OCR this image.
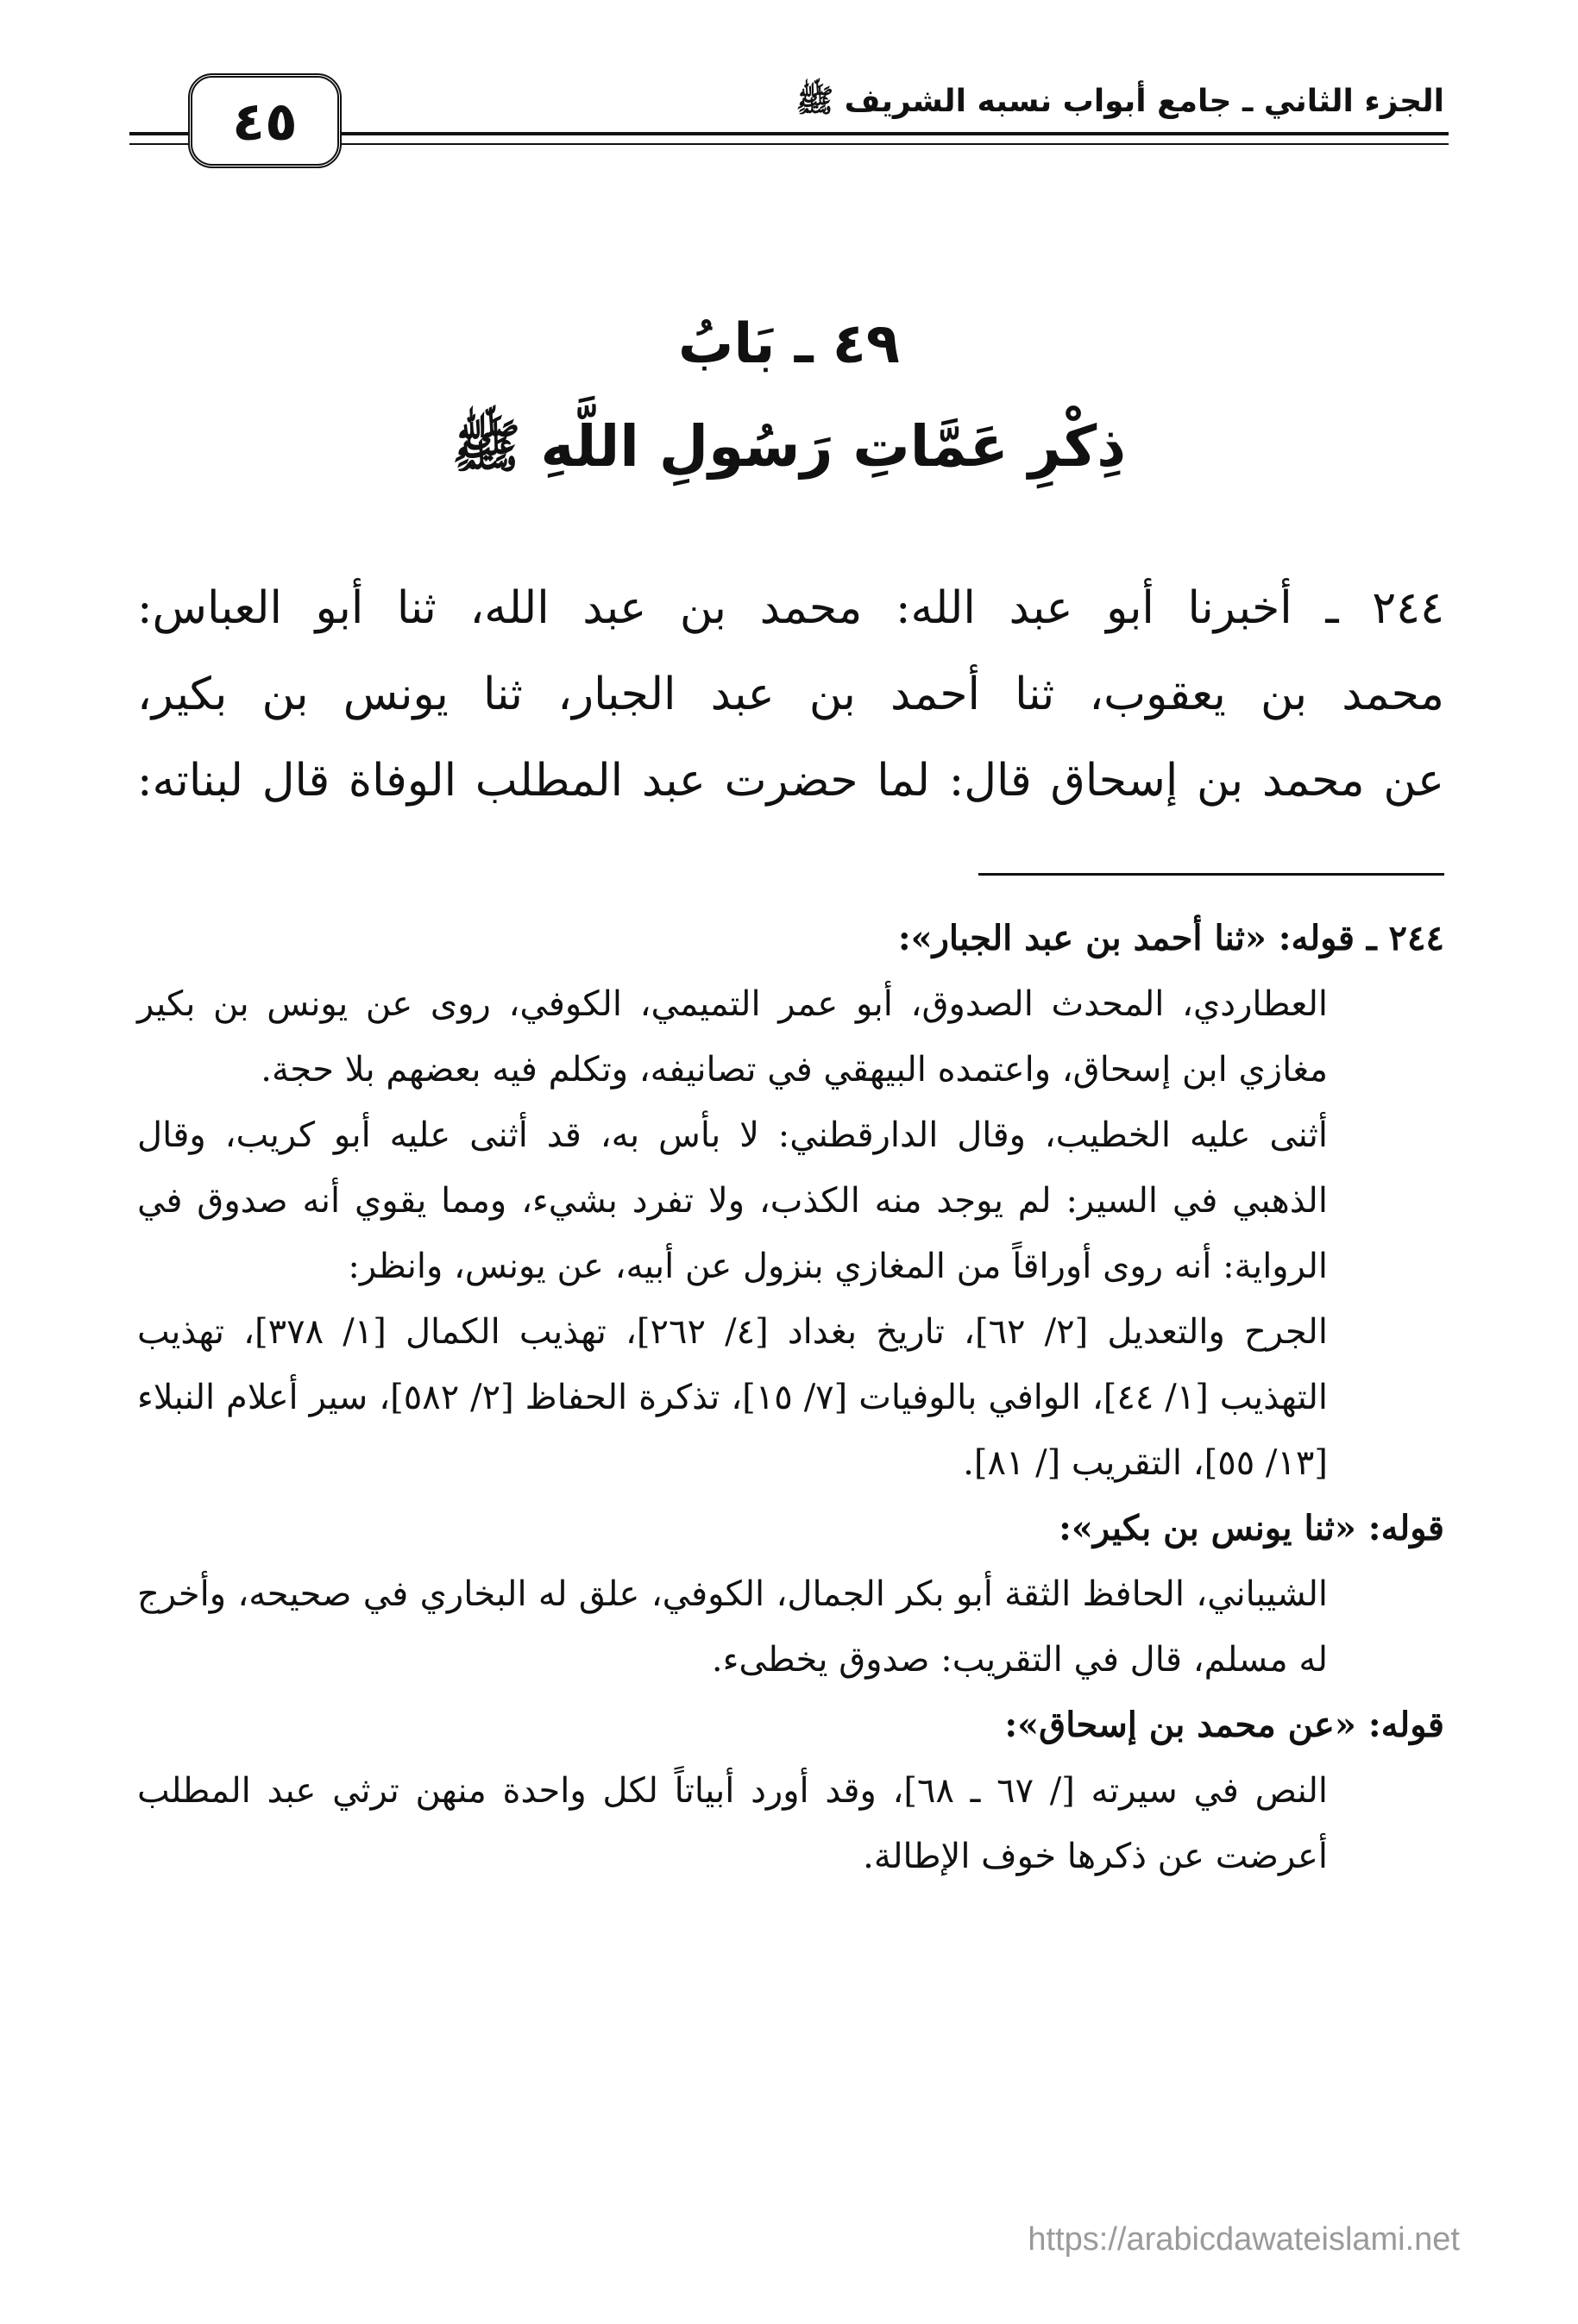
الجزء الثاني ـ جامع أبواب نسبه الشريف ﷺ
٤٥
٤٩ ـ بَابُ
ذِكْرِ عَمَّاتِ رَسُولِ اللَّهِ ﷺ

٢٤٤ ـ أخبرنا أبو عبد الله: محمد بن عبد الله، ثنا أبو العباس:

محمد بن يعقوب، ثنا أحمد بن عبد الجبار، ثنا يونس بن بكير،

عن محمد بن إسحاق قال: لما حضرت عبد المطلب الوفاة قال لبناته:

٢٤٤ ـ قوله: «ثنا أحمد بن عبد الجبار»:

العطاردي، المحدث الصدوق، أبو عمر التميمي، الكوفي، روى عن يونس بن بكير مغازي ابن إسحاق، واعتمده البيهقي في تصانيفه، وتكلم فيه بعضهم بلا حجة.

أثنى عليه الخطيب، وقال الدارقطني: لا بأس به، قد أثنى عليه أبو كريب، وقال الذهبي في السير: لم يوجد منه الكذب، ولا تفرد بشيء، ومما يقوي أنه صدوق في الرواية: أنه روى أوراقاً من المغازي بنزول عن أبيه، عن يونس، وانظر:

الجرح والتعديل [٢/ ٦٢]، تاريخ بغداد [٤/ ٢٦٢]، تهذيب الكمال [١/ ٣٧٨]، تهذيب التهذيب [١/ ٤٤]، الوافي بالوفيات [٧/ ١٥]، تذكرة الحفاظ [٢/ ٥٨٢]، سير أعلام النبلاء [١٣/ ٥٥]، التقريب [/ ٨١].

قوله: «ثنا يونس بن بكير»:

الشيباني، الحافظ الثقة أبو بكر الجمال، الكوفي، علق له البخاري في صحيحه، وأخرج له مسلم، قال في التقريب: صدوق يخطىء.

قوله: «عن محمد بن إسحاق»:

النص في سيرته [/ ٦٧ ـ ٦٨]، وقد أورد أبياتاً لكل واحدة منهن ترثي عبد المطلب أعرضت عن ذكرها خوف الإطالة.

https://arabicdawateislami.net
